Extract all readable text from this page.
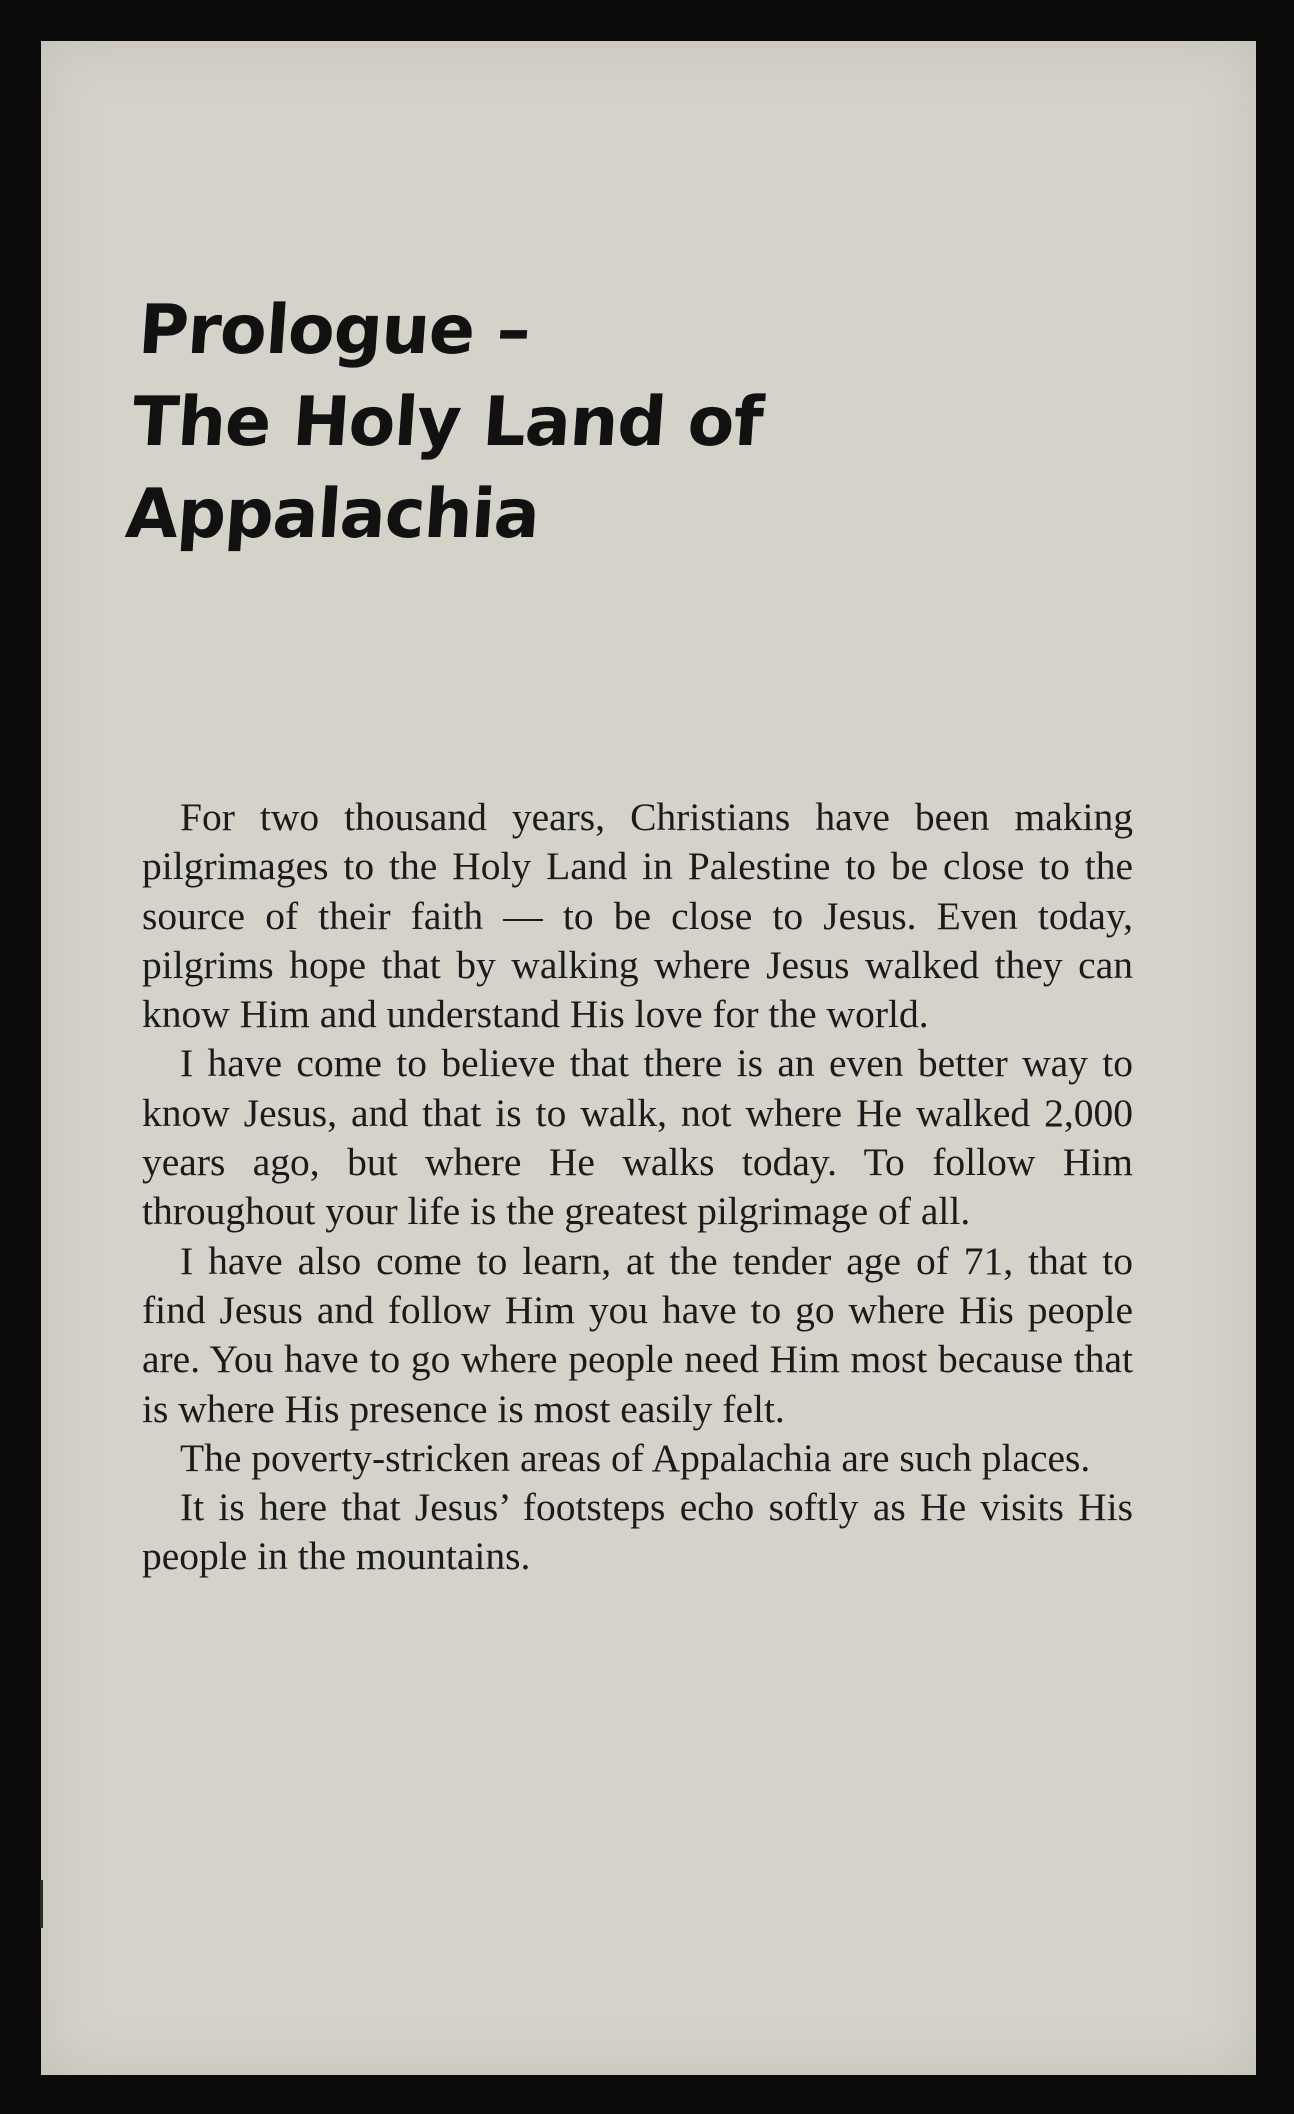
Prologue –
The Holy Land of
Appalachia

For two thousand years, Christians have been making pilgrimages to the Holy Land in Palestine to be close to the source of their faith — to be close to Jesus. Even today, pilgrims hope that by walking where Jesus walked they can know Him and understand His love for the world.

I have come to believe that there is an even better way to know Jesus, and that is to walk, not where He walked 2,000 years ago, but where He walks today. To follow Him throughout your life is the greatest pilgrimage of all.

I have also come to learn, at the tender age of 71, that to find Jesus and follow Him you have to go where His people are. You have to go where people need Him most because that is where His presence is most easily felt.

The poverty-stricken areas of Appalachia are such places.

It is here that Jesus’ footsteps echo softly as He visits His people in the mountains.
